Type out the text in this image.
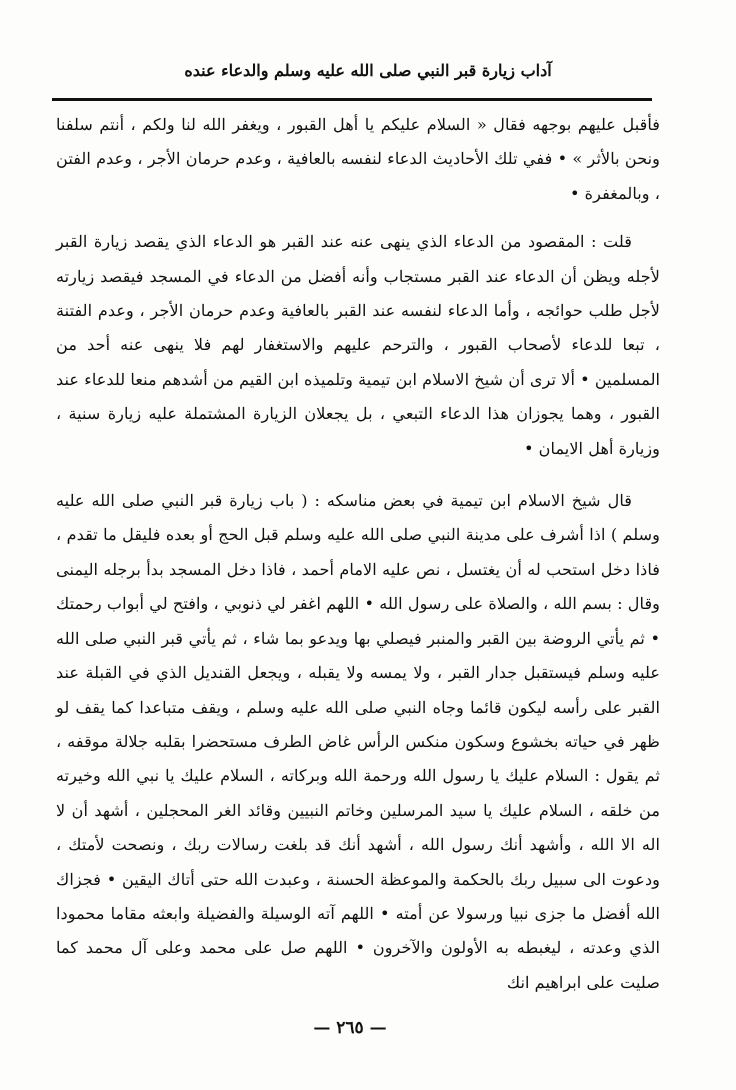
آداب زيارة قبر النبي صلى الله عليه وسلم والدعاء عنده

فأقبل عليهم بوجهه فقال « السلام عليكم يا أهل القبور ، ويغفر الله لنا ولكم ، أنتم سلفنا ونحن بالأثر » • ففي تلك الأحاديث الدعاء لنفسه بالعافية ، وعدم حرمان الأجر ، وعدم الفتن ، وبالمغفرة •

قلت : المقصود من الدعاء الذي ينهى عنه عند القبر هو الدعاء الذي يقصد زيارة القبر لأجله ويظن أن الدعاء عند القبر مستجاب وأنه أفضل من الدعاء في المسجد فيقصد زيارته لأجل طلب حوائجه ، وأما الدعاء لنفسه عند القبر بالعافية وعدم حرمان الأجر ، وعدم الفتنة ، تبعا للدعاء لأصحاب القبور ، والترحم عليهم والاستغفار لهم فلا ينهى عنه أحد من المسلمين • ألا ترى أن شيخ الاسلام ابن تيمية وتلميذه ابن القيم من أشدهم منعا للدعاء عند القبور ، وهما يجوزان هذا الدعاء التبعي ، بل يجعلان الزيارة المشتملة عليه زيارة سنية ، وزيارة أهل الايمان •

قال شيخ الاسلام ابن تيمية في بعض مناسكه : ( باب زيارة قبر النبي صلى الله عليه وسلم ) اذا أشرف على مدينة النبي صلى الله عليه وسلم قبل الحج أو بعده فليقل ما تقدم ، فاذا دخل استحب له أن يغتسل ، نص عليه الامام أحمد ، فاذا دخل المسجد بدأ برجله اليمنى وقال : بسم الله ، والصلاة على رسول الله • اللهم اغفر لي ذنوبي ، وافتح لي أبواب رحمتك • ثم يأتي الروضة بين القبر والمنبر فيصلي بها ويدعو بما شاء ، ثم يأتي قبر النبي صلى الله عليه وسلم فيستقبل جدار القبر ، ولا يمسه ولا يقبله ، ويجعل القنديل الذي في القبلة عند القبر على رأسه ليكون قائما وجاه النبي صلى الله عليه وسلم ، ويقف متباعدا كما يقف لو ظهر في حياته بخشوع وسكون منكس الرأس غاض الطرف مستحضرا بقلبه جلالة موقفه ، ثم يقول : السلام عليك يا رسول الله ورحمة الله وبركاته ، السلام عليك يا نبي الله وخيرته من خلقه ، السلام عليك يا سيد المرسلين وخاتم النبيين وقائد الغر المحجلين ، أشهد أن لا اله الا الله ، وأشهد أنك رسول الله ، أشهد أنك قد بلغت رسالات ربك ، ونصحت لأمتك ، ودعوت الى سبيل ربك بالحكمة والموعظة الحسنة ، وعبدت الله حتى أتاك اليقين • فجزاك الله أفضل ما جزى نبيا ورسولا عن أمته • اللهم آته الوسيلة والفضيلة وابعثه مقاما محمودا الذي وعدته ، ليغبطه به الأولون والآخرون • اللهم صل على محمد وعلى آل محمد كما صليت على ابراهيم انك

— ٢٦٥ —
